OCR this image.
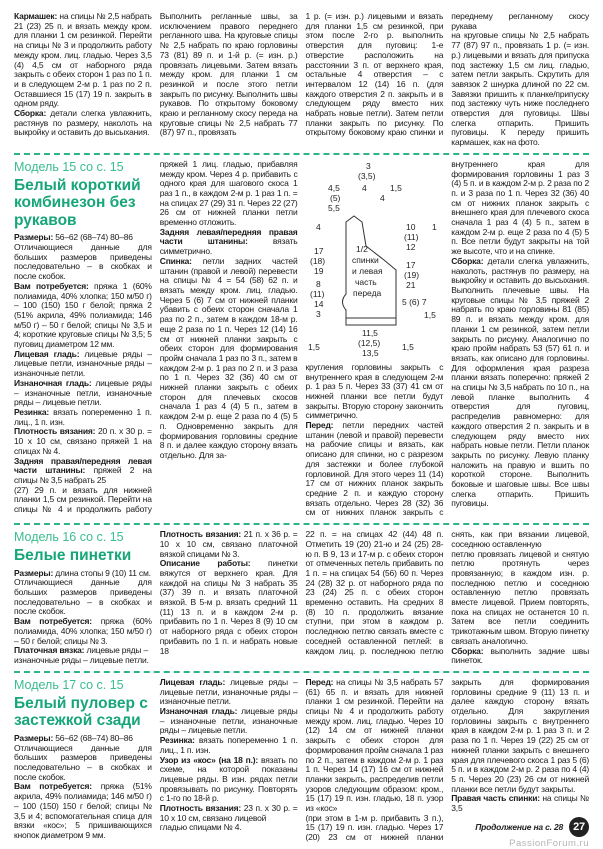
Кармашек: на спицы № 2,5 набрать 21 (23) 25 п. и вязать между кром. для планки 1 см резинкой. Перейти на спицы № 3 и продолжить работу между кром. лиц. гладью. Через 3,5 (4) 4,5 см от наборного ряда закрыть с обеих сторон 1 раз по 1 п. и в следующем 2-м р. 1 раз по 2 п. Оставшиеся 15 (17) 19 п. закрыть в одном ряду.

Сборка: детали слегка увлажнить, растянув по размеру, наколоть на выкройку и оставить до высыхания.

Выполнить регланные швы, за исключением правого переднего регланного шва. На круговые спицы № 2,5 набрать по краю горловины 73 (81) 89 п. и 1-й р. (= изн. р.) провязать лицевыми. Затем вязать между кром. для планки 1 см резинкой и после этого петли закрыть по рисунку. Выполнить швы рукавов. По открытому боковому краю и регланному скосу переда на круговые спицы № 2,5 набрать 77 (87) 97 п., провязать

1 р. (= изн. р.) лицевыми и вязать для планки 1,5 см резинкой, при этом после 2-го р. выполнить отверстия для пуговиц: 1-е отверстие расположить на расстоянии 3 п. от верхнего края, остальные 4 отверстия – с интервалом 12 (14) 16 п. (для каждого отверстия 2 п. закрыть и в следующем ряду вместо них набрать новые петли). Затем петли планки закрыть по рисунку. По открытому боковому краю спинки и переднему регланному скосу рукава

на круговые спицы № 2,5 набрать 77 (87) 97 п., провязать 1 р. (= изн. р.) лицевыми и вязать для припуска под застежку 1,5 см лиц. гладью, затем петли закрыть. Скрутить для завязок 2 шнурка длиной по 22 см. Завязки пришить к планке/припуску под застежку чуть ниже последнего отверстия для пуговицы. Швы слегка отпарить. Пришить пуговицы. К переду пришить кармашек, как на фото.

Модель 15 со с. 15
Белый короткий комбинезон без рукавов

Размеры: 56–62 (68–74) 80–86

Отличающиеся данные для больших размеров приведены последовательно – в скобках и после скобок.

Вам потребуется: пряжа 1 (60% полиамида, 40% хлопка; 150 м/50 г) – 100 (150) 150 г белой; пряжа 2 (51% акрила, 49% полиамида; 146 м/50 г) – 50 г белой; спицы № 3,5 и 4; короткие круговые спицы № 3,5; 5 пуговиц диаметром 12 мм.

Лицевая гладь: лицевые ряды – лицевые петли, изнаночные ряды – изнаночные петли.

Изнаночная гладь: лицевые ряды – изнаночные петли, изнаночные ряды – лицевые петли.

Резинка: вязать попеременно 1 п. лиц., 1 п. изн.

Плотность вязания: 20 п. x 30 р. = 10 x 10 см, связано пряжей 1 на спицах № 4.

Задняя правая/передняя левая части штанины: пряжей 2 на спицы № 3,5 набрать 25

(27) 29 п. и вязать для нижней планки 1,5 см резинкой. Перейти на спицы № 4 и продолжить работу пряжей 1 лиц. гладью, прибавляя между кром. Через 4 р. прибавить с одного края для шагового скоса 1 раз 1 п., в каждом 2-м р. 1 раз 1 п. = на спицах 27 (29) 31 п. Через 22 (27) 26 см от нижней планки петли временно отложить.

Задняя левая/передняя правая части штанины: вязать симметрично.

Спинка: петли задних частей штанин (правой и левой) перевести на спицы № 4 = 54 (58) 62 п. и вязать между кром. лиц. гладью. Через 5 (6) 7 см от нижней планки убавить с обеих сторон сначала 1 раз по 2 п., затем в каждом 18-м р. еще 2 раза по 1 п. Через 12 (14) 16 см от нижней планки закрыть с обеих сторон для формирования пройм сначала 1 раз по 3 п., затем в каждом 2-м р. 1 раз по 2 п. и 3 раза по 1 п. Через 32 (36) 40 см от нижней планки закрыть с обеих сторон для плечевых скосов сначала 1 раз 4 (4) 5 п., затем в каждом 2-м р. еще 2 раза по 4 (5) 5 п. Одновременно закрыть для формирования горловины средние 8 п. и далее каждую сторону вязать отдельно. Для за-

3
(3,5)
4,5
(5)
5,5
4
4
1,5
4
17
(18)
19
8
(11)
14
3
1,5
1
10
(11)
12
17
(19)
21
5 (6) 7
1,5
1/2
спинки
и левая
часть
переда
11,5
(12,5)
13,5
1,5

кругления горловины закрыть с внутреннего края в следующем 2-м р. 1 раз 5 п. Через 33 (37) 41 см от нижней планки все петли будут закрыты. Вторую сторону закончить симметрично.

Перед: петли передних частей штанин (левой и правой) перевести на рабочие спицы и вязать, как описано для спинки, но с разрезом для застежки и более глубокой горловиной. Для этого через 11 (14) 17 см от нижних планок закрыть средние 2 п. и каждую сторону вязать отдельно. Через 28 (32) 36 см от нижних планок закрыть с внутреннего края для формирования горловины 1 раз 3 (4) 5 п. и в каждом 2-м р. 2 раза по 2 п. и 3 раза по 1 п. Через 32 (36) 40 см от нижних планок закрыть с внешнего края для плечевого скоса сначала 1 раз 4 (4) 5 п., затем в каждом 2-м р. еще 2 раза по 4 (5) 5 п. Все петли будут закрыты на той же высоте, что и на спинке.

Сборка: детали слегка увлажнить, наколоть, растянув по размеру, на выкройку и оставить до высыхания. Выполнить плечевые швы. На круговые спицы № 3,5 пряжей 2 набрать по краю горловины 81 (85) 89 п. и вязать между кром. для планки 1 см резинкой, затем петли закрыть по рисунку. Аналогично по краю пройм набрать 53 (57) 61 п. и вязать, как описано для горловины. Для оформления края разреза планки вязать поперечно: пряжей 2 на спицы № 3,5 набрать по 10 п., на левой планке выполнить 4 отверстия для пуговиц, распределив равномерно: для каждого отверстия 2 п. закрыть и в следующем ряду вместо них набрать новые петли. Петли планок закрыть по рисунку. Левую планку наложить на правую и вшить по короткой стороне. Выполнить боковые и шаговые швы. Все швы слегка отпарить. Пришить пуговицы.

Модель 16 со с. 15
Белые пинетки

Размеры: длина стопы 9 (10) 11 см.

Отличающиеся данные для больших размеров приведены последовательно – в скобках и после скобок.

Вам потребуется: пряжа (60% полиамида, 40% хлопка; 150 м/50 г) – 50 г белой; спицы № 3.

Платочная вязка: лицевые ряды –

изнаночные ряды – лицевые петли.

Плотность вязания: 21 п. x 36 р. = 10 x 10 см, связано платочной вязкой спицами № 3.

Описание работы: пинетки вяжутся от верхнего края. Для каждой на спицы № 3 набрать 35 (37) 39 п. и вязать платочной вязкой. В 5-м р. вязать средний 11 (11) 13 п. и в каждом 2-м р. прибавить по 1 п. Через 8 (9) 10 см от наборного ряда с обеих сторон прибавить по 1 п. и набрать новые 18

22 п. = на спицах 42 (44) 48 п. Отметить 19 (20) 21-ю и 24 (25) 28-ю п. В 9, 13 и 17-м р. с обеих сторон от отмеченных петель прибавить по 1 п. = на спицах 54 (56) 60 п. Через 24 (28) 32 р. от наборного ряда по 23 (24) 25 п. с обеих сторон временно оставить. На средних 8 (8) 10 п. продолжить вязание ступни, при этом в каждом р. последнюю петлю связать вместе с соседней оставленной петлей: в каждом лиц. р. последнюю петлю снять, как при вязании лицевой, соседнюю оставленную

петлю провязать лицевой и снятую петлю протянуть через провязанную; в каждом изн. р. последнюю петлю и соседнюю оставленную петлю провязать вместе лицевой. Прием повторять, пока на спицах не останется 10 п. Затем все петли соединить трикотажным швом. Вторую пинетку связать аналогично.

Сборка: выполнить задние швы пинеток.

Модель 17 со с. 15
Белый пуловер с застежкой сзади

Размеры: 56–62 (68–74) 80–86

Отличающиеся данные для больших размеров приведены последовательно – в скобках и после скобок.

Вам потребуется: пряжа (51% акрила, 49% полиамида; 146 м/50 г) – 100 (150) 150 г белой; спицы № 3,5 и 4; вспомогательная спица для вязки «кос»; 5 пришивающихся кнопок диаметром 9 мм.

Лицевая гладь: лицевые ряды – лицевые петли, изнаночные ряды – изнаночные петли.

Изнаночная гладь: лицевые ряды – изнаночные петли, изнаночные ряды – лицевые петли.

Резинка: вязать попеременно 1 п. лиц., 1 п. изн.

Узор из «кос» (на 18 п.): вязать по схеме, на которой показаны лицевые ряды. В изн. рядах петли провязывать по рисунку. Повторять с 1-го по 18-й р.

Плотность вязания: 23 п. x 30 р. = 10 x 10 см, связано лицевой

гладью спицами № 4.

Перед: на спицы № 3,5 набрать 57 (61) 65 п. и вязать для нижней планки 1 см резинкой. Перейти на спицы № 4 и продолжить работу между кром. лиц. гладью. Через 10 (12) 14 см от нижней планки закрыть с обеих сторон для формирования пройм сначала 1 раз по 2 п., затем в каждом 2-м р. 1 раз 1 п. Через 14 (17) 16 см от нижней планки закрыть, распределив петли узоров следующим образом: кром., 15 (17) 19 п. изн. гладью, 18 п. узор из «кос»

(при этом в 1-м р. прибавить 3 п.), 15 (17) 19 п. изн. гладью. Через 17 (20) 23 см от нижней планки закрыть для формирования горловины средние 9 (11) 13 п. и далее каждую сторону вязать отдельно. Для закругления горловины закрыть с внутреннего края в каждом 2-м р. 1 раз 3 п. и 2 раза по 1 п. Через 19 (22) 25 см от нижней планки закрыть с внешнего края для плечевого скоса 1 раз 5 (6) 5 п. и в каждом 2-м р. 2 раза по 4 (4) 5 п. Через 20 (23) 26 см от нижней планки все петли будут закрыты.

Правая часть спинки: на спицы № 3,5

Продолжение на с. 28 27
PassionForum.ru
